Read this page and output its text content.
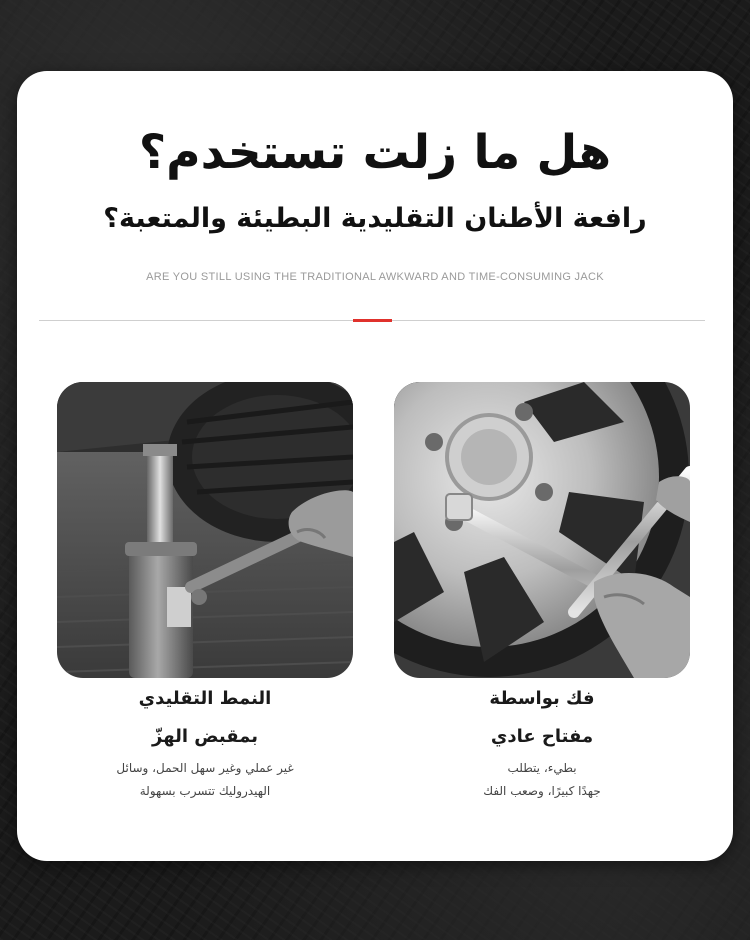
هل ما زلت تستخدم؟
رافعة الأطنان التقليدية البطيئة والمتعبة؟
ARE YOU STILL USING THE TRADITIONAL AWKWARD AND TIME-CONSUMING JACK
النمط التقليدي
بمقبض الهزّ
غير عملي وغير سهل الحمل، وسائل
الهيدروليك تتسرب بسهولة
فك بواسطة
مفتاح عادي
بطيء، يتطلب
جهدًا كبيرًا، وصعب الفك
